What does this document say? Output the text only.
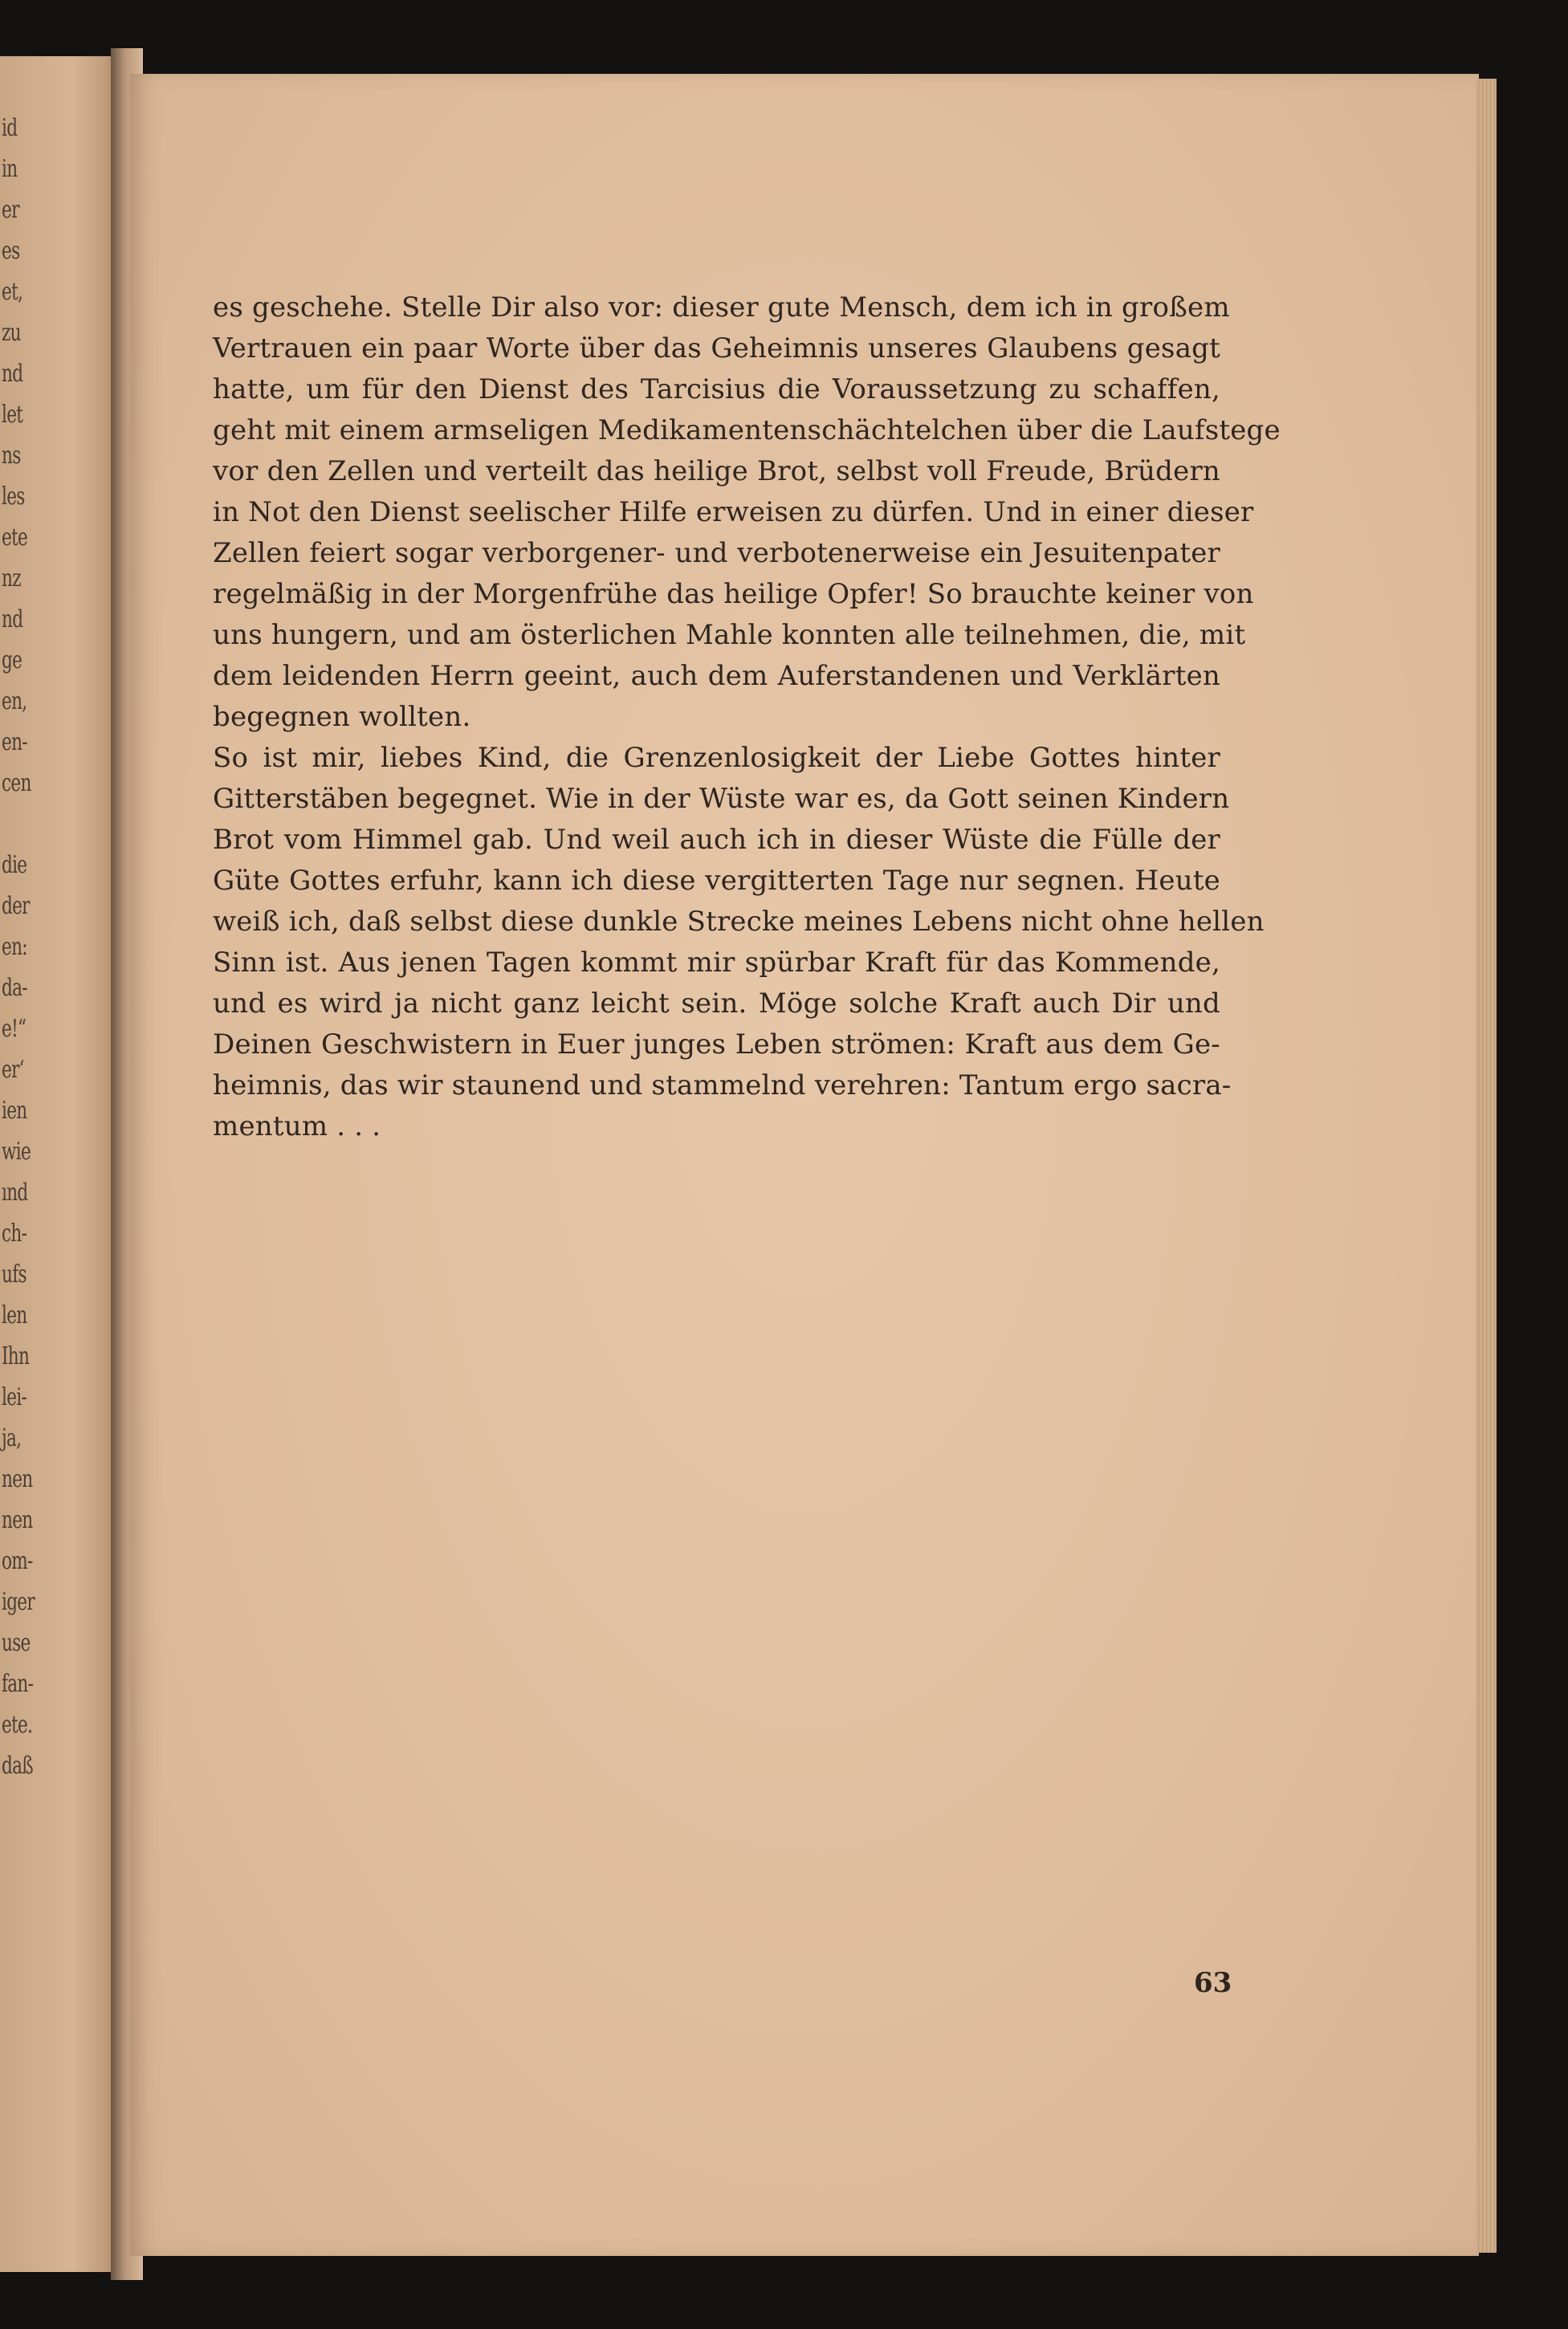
id
in
er
es
et,
zu
nd
let
ns
les
ete
nz
nd
ge
en,
en-
cen
die
der
en:
da-
e!“
er‘
ien
wie
ınd
ch-
ufs
len
Ihn
lei-
ja,
nen
nen
om-
iger
use
fan-
ete.
daß
es geschehe. Stelle Dir also vor: dieser gute Mensch, dem ich in großem
Vertrauen ein paar Worte über das Geheimnis unseres Glaubens gesagt
hatte, um für den Dienst des Tarcisius die Voraussetzung zu schaffen,
geht mit einem armseligen Medikamentenschächtelchen über die Laufstege
vor den Zellen und verteilt das heilige Brot, selbst voll Freude, Brüdern
in Not den Dienst seelischer Hilfe erweisen zu dürfen. Und in einer dieser
Zellen feiert sogar verborgener- und verbotenerweise ein Jesuitenpater
regelmäßig in der Morgenfrühe das heilige Opfer! So brauchte keiner von
uns hungern, und am österlichen Mahle konnten alle teilnehmen, die, mit
dem leidenden Herrn geeint, auch dem Auferstandenen und Verklärten
begegnen wollten.
So ist mir, liebes Kind, die Grenzenlosigkeit der Liebe Gottes hinter
Gitterstäben begegnet. Wie in der Wüste war es, da Gott seinen Kindern
Brot vom Himmel gab. Und weil auch ich in dieser Wüste die Fülle der
Güte Gottes erfuhr, kann ich diese vergitterten Tage nur segnen. Heute
weiß ich, daß selbst diese dunkle Strecke meines Lebens nicht ohne hellen
Sinn ist. Aus jenen Tagen kommt mir spürbar Kraft für das Kommende,
und es wird ja nicht ganz leicht sein. Möge solche Kraft auch Dir und
Deinen Geschwistern in Euer junges Leben strömen: Kraft aus dem Ge-
heimnis, das wir staunend und stammelnd verehren: Tantum ergo sacra-
mentum . . .
63
